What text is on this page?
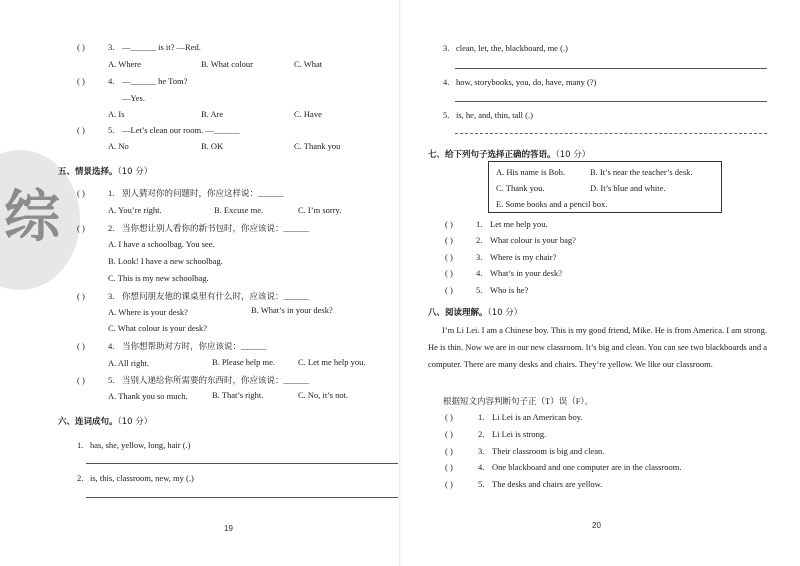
综
( )	3. —______ is it? —Red.
A. Where	B. What colour	C. What
( )	4. —______ he Tom?
—Yes.
A. Is	B. Are	C. Have
( )	5. —Let’s clean our room. —______
A. No	B. OK	C. Thank you
五、情景选择。（10 分）
( )	1. 别人猜对你的问题时，你应这样说：______
A. You’re right.	B. Excuse me.	C. I’m sorry.
( )	2. 当你想让别人看你的新书包时，你应该说：______
A. I have a schoolbag. You see.
B. Look! I have a new schoolbag.
C. This is my new schoolbag.
( )	3. 你想问朋友他的课桌里有什么时，应该说：______
A. Where is your desk?	B. What’s in your desk?
C. What colour is your desk?
( )	4. 当你想帮助对方时，你应该说：______
A. All right.	B. Please help me.	C. Let me help you.
( )	5. 当别人递给你所需要的东西时，你应该说：______
A. Thank you so much.	B. That’s right.	C. No, it’s not.
六、连词成句。（10 分）
1. has, she, yellow, long, hair (.)
2. is, this, classroom, new, my (.)
19
3. clean, let, the, blackboard, me (.)
4. how, storybooks, you, do, have, many (?)
5. is, he, and, thin, tall (.)
七、给下列句子选择正确的答语。（10 分）
A. His name is Bob.	B. It’s near the teacher’s desk.
C. Thank you.	D. It’s blue and white.
E. Some books and a pencil box.
( )	1. Let me help you.
( )	2. What colour is your bag?
( )	3. Where is my chair?
( )	4. What’s in your desk?
( )	5. Who is he?
八、阅读理解。（10 分）

I’m Li Lei. I am a Chinese boy. This is my good friend, Mike. He is from America. I am strong. He is thin. Now we are in our new classroom. It’s big and clean. You can see two blackboards and a computer. There are many desks and chairs. They’re yellow. We like our classroom.

根据短文内容判断句子正（T）误（F）。
( )	1. Li Lei is an American boy.
( )	2. Li Lei is strong.
( )	3. Their classroom is big and clean.
( )	4. One blackboard and one computer are in the classroom.
( )	5. The desks and chairs are yellow.
20
